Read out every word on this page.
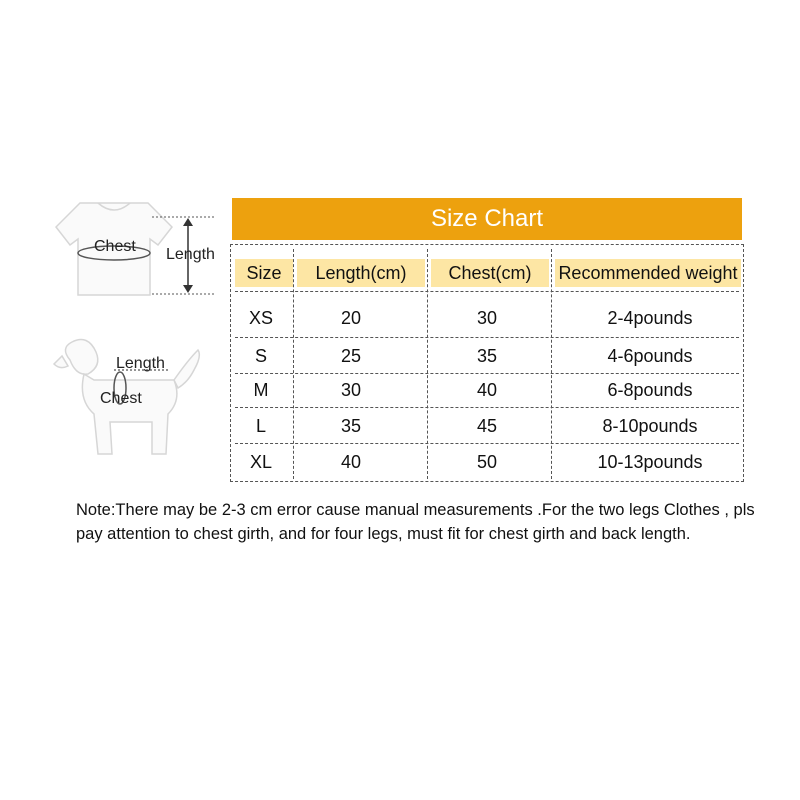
Chest Length
Length
Chest
Size Chart
Size	Length(cm)	Chest(cm)	Recommended weight
XS	20	30	2-4pounds
S	25	35	4-6pounds
M	30	40	6-8pounds
L	35	45	8-10pounds
XL	40	50	10-13pounds
Note:There may be 2-3 cm error cause manual measurements .For the two legs Clothes , pls pay attention to chest girth, and for four legs, must fit for chest girth and back length.
